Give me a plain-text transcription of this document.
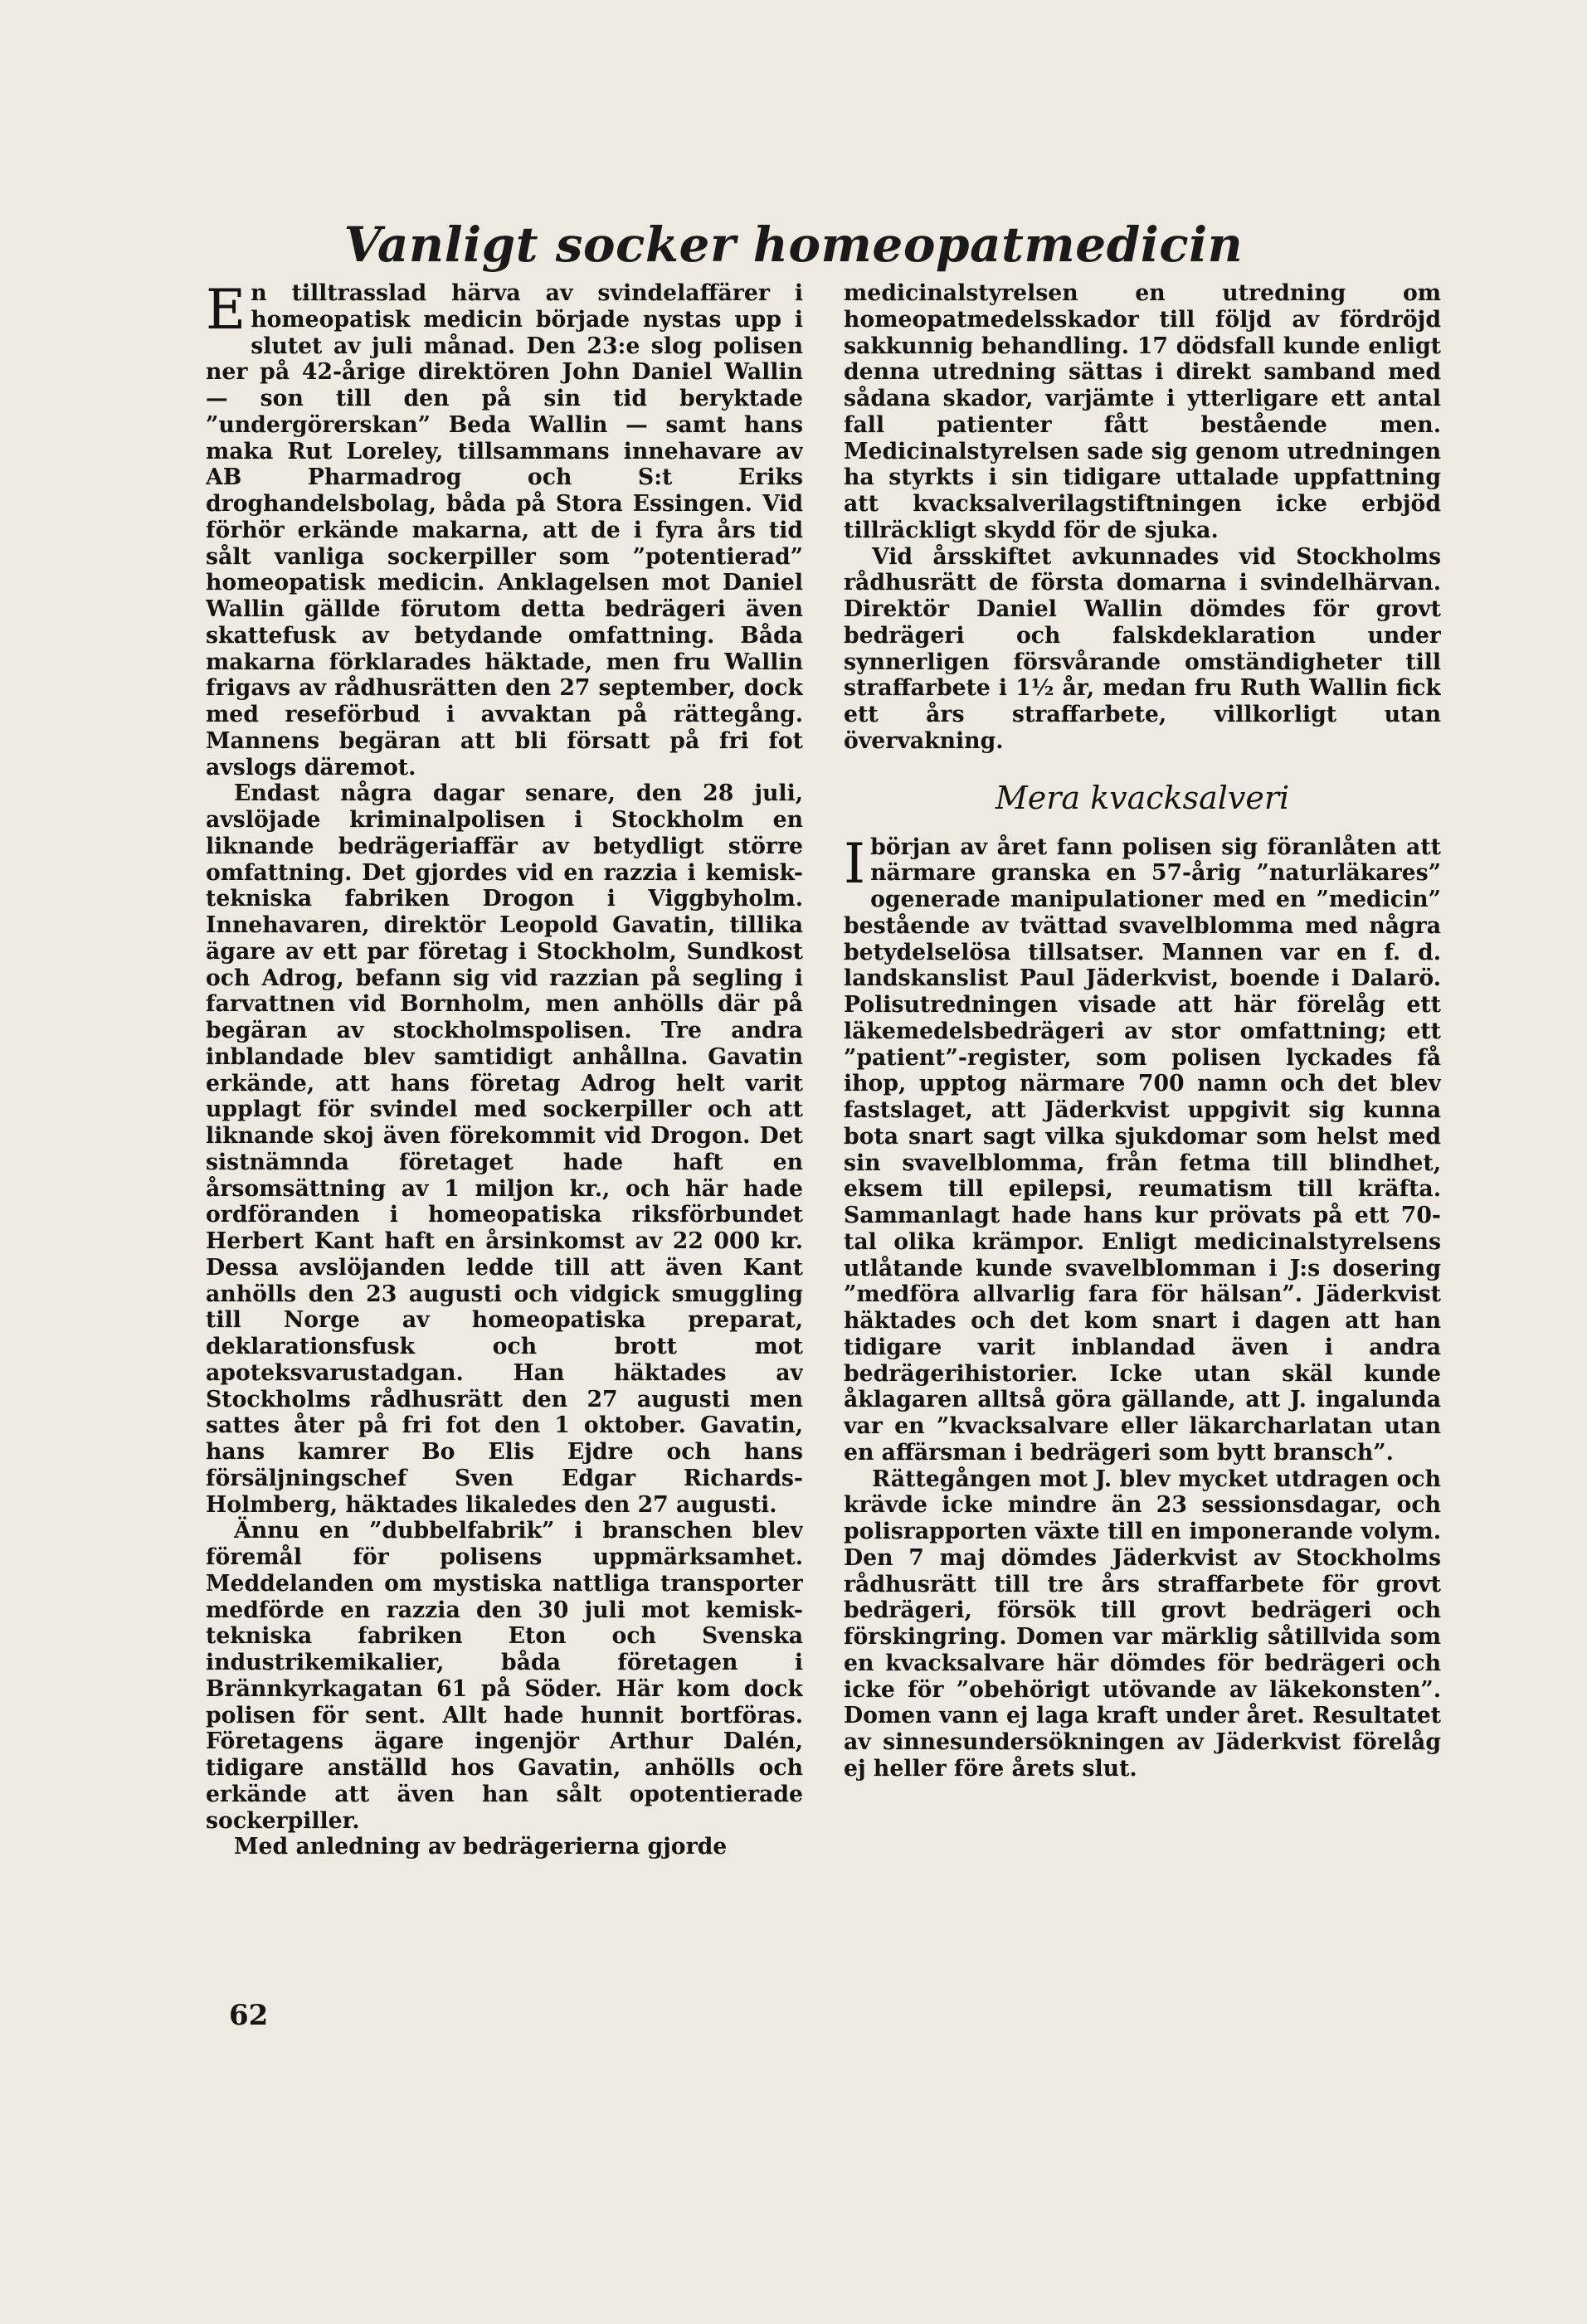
Vanligt socker homeopatmedicin

En tilltrasslad härva av svindelaffärer i homeopatisk medicin började nystas upp i slutet av juli månad. Den 23:e slog polisen ner på 42-årige direktören John Daniel Wallin — son till den på sin tid beryktade ”undergörerskan” Beda Wallin — samt hans maka Rut Loreley, tillsammans innehavare av AB Pharmadrog och S:t Eriks droghandelsbolag, båda på Stora Essingen. Vid förhör erkände makarna, att de i fyra års tid sålt vanliga sockerpiller som ”potentierad” homeopatisk medicin. Anklagelsen mot Daniel Wallin gällde förutom detta bedrägeri även skattefusk av betydande omfattning. Båda makarna förklarades häktade, men fru Wallin frigavs av rådhusrätten den 27 september, dock med reseförbud i avvaktan på rättegång. Mannens begäran att bli försatt på fri fot avslogs däremot.

Endast några dagar senare, den 28 juli, avslöjade kriminalpolisen i Stockholm en liknande bedrägeriaffär av betydligt större omfattning. Det gjordes vid en razzia i kemisk-tekniska fabriken Drogon i Viggbyholm. Innehavaren, direktör Leopold Gavatin, tillika ägare av ett par företag i Stockholm, Sundkost och Adrog, befann sig vid razzian på segling i farvattnen vid Bornholm, men anhölls där på begäran av stockholmspolisen. Tre andra inblandade blev samtidigt anhållna. Gavatin erkände, att hans företag Adrog helt varit upplagt för svindel med sockerpiller och att liknande skoj även förekommit vid Drogon. Det sistnämnda företaget hade haft en årsomsättning av 1 miljon kr., och här hade ordföranden i homeopatiska riksförbundet Herbert Kant haft en årsinkomst av 22 000 kr. Dessa avslöjanden ledde till att även Kant anhölls den 23 augusti och vidgick smuggling till Norge av homeopatiska preparat, deklarationsfusk och brott mot apoteksvarustadgan. Han häktades av Stockholms rådhusrätt den 27 augusti men sattes åter på fri fot den 1 oktober. Gavatin, hans kamrer Bo Elis Ejdre och hans försäljningschef Sven Edgar Richards-Holmberg, häktades likaledes den 27 augusti.

Ännu en ”dubbelfabrik” i branschen blev föremål för polisens uppmärksamhet. Meddelanden om mystiska nattliga transporter medförde en razzia den 30 juli mot kemisk-tekniska fabriken Eton och Svenska industrikemikalier, båda företagen i Brännkyrkagatan 61 på Söder. Här kom dock polisen för sent. Allt hade hunnit bortföras. Företagens ägare ingenjör Arthur Dalén, tidigare anställd hos Gavatin, anhölls och erkände att även han sålt opotentierade sockerpiller.

Med anledning av bedrägerierna gjorde

medicinalstyrelsen en utredning om homeopatmedelsskador till följd av fördröjd sakkunnig behandling. 17 dödsfall kunde enligt denna utredning sättas i direkt samband med sådana skador, varjämte i ytterligare ett antal fall patienter fått bestående men. Medicinalstyrelsen sade sig genom utredningen ha styrkts i sin tidigare uttalade uppfattning att kvacksalverilagstiftningen icke erbjöd tillräckligt skydd för de sjuka.

Vid årsskiftet avkunnades vid Stockholms rådhusrätt de första domarna i svindelhärvan. Direktör Daniel Wallin dömdes för grovt bedrägeri och falskdeklaration under synnerligen försvårande omständigheter till straffarbete i 1½ år, medan fru Ruth Wallin fick ett års straffarbete, villkorligt utan övervakning.

Mera kvacksalveri

I början av året fann polisen sig föranlåten att närmare granska en 57-årig ”naturläkares” ogenerade manipulationer med en ”medicin” bestående av tvättad svavelblomma med några betydelselösa tillsatser. Mannen var en f. d. landskanslist Paul Jäderkvist, boende i Dalarö. Polisutredningen visade att här förelåg ett läkemedelsbedrägeri av stor omfattning; ett ”patient”-register, som polisen lyckades få ihop, upptog närmare 700 namn och det blev fastslaget, att Jäderkvist uppgivit sig kunna bota snart sagt vilka sjukdomar som helst med sin svavelblomma, från fetma till blindhet, eksem till epilepsi, reumatism till kräfta. Sammanlagt hade hans kur prövats på ett 70-tal olika krämpor. Enligt medicinalstyrelsens utlåtande kunde svavelblomman i J:s dosering ”medföra allvarlig fara för hälsan”. Jäderkvist häktades och det kom snart i dagen att han tidigare varit inblandad även i andra bedrägerihistorier. Icke utan skäl kunde åklagaren alltså göra gällande, att J. ingalunda var en ”kvacksalvare eller läkarcharlatan utan en affärsman i bedrägeri som bytt bransch”.

Rättegången mot J. blev mycket utdragen och krävde icke mindre än 23 sessionsdagar, och polisrapporten växte till en imponerande volym. Den 7 maj dömdes Jäderkvist av Stockholms rådhusrätt till tre års straffarbete för grovt bedrägeri, försök till grovt bedrägeri och förskingring. Domen var märklig såtillvida som en kvacksalvare här dömdes för bedrägeri och icke för ”obehörigt utövande av läkekonsten”. Domen vann ej laga kraft under året. Resultatet av sinnesundersökningen av Jäderkvist förelåg ej heller före årets slut.

62
